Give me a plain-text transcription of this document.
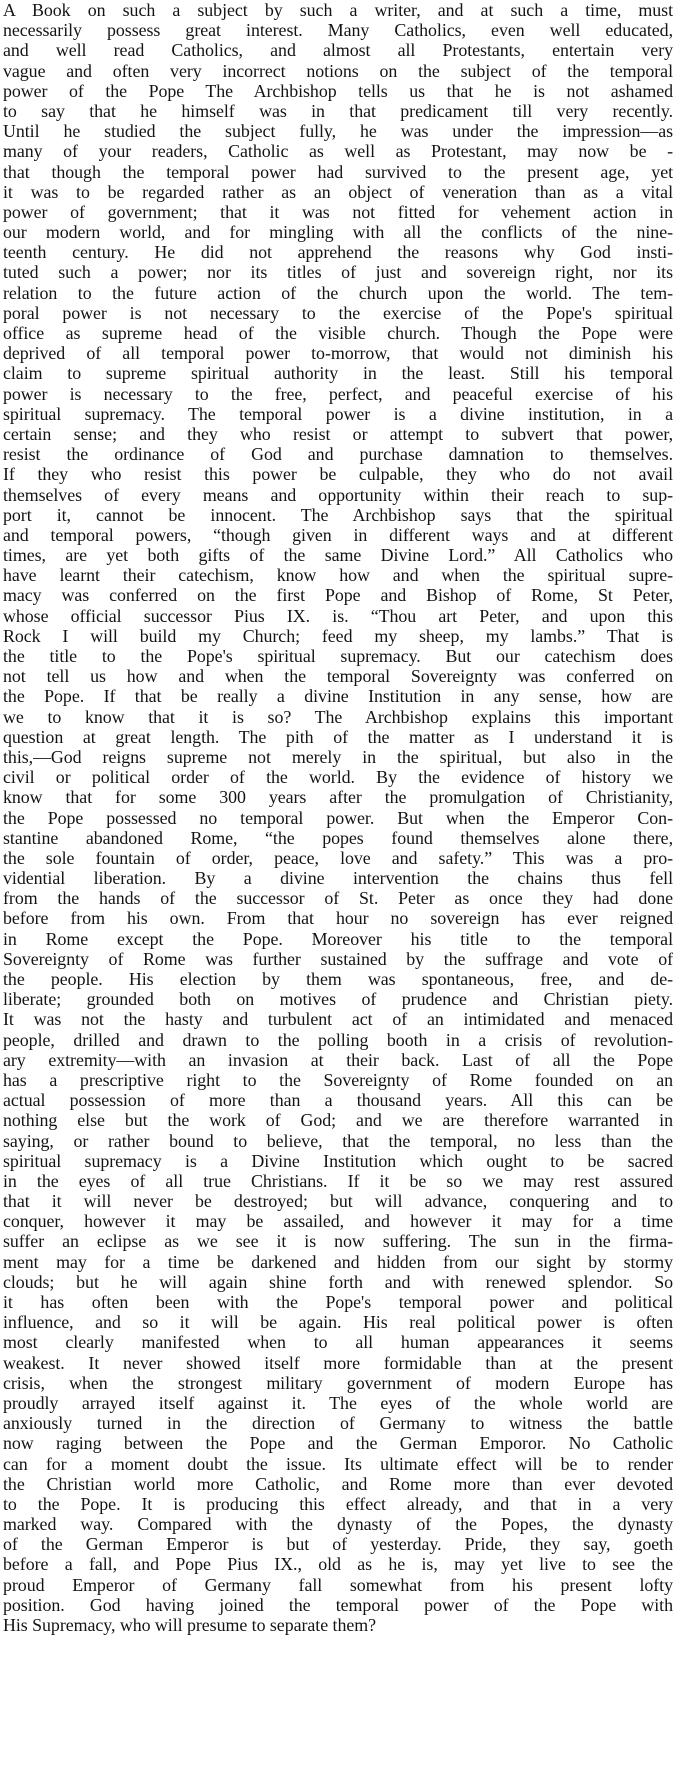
A Book on such a subject by such a writer, and at such a time, must
necessarily possess great interest. Many Catholics, even well educated,
and well read Catholics, and almost all Protestants, entertain very
vague and often very incorrect notions on the subject of the temporal
power of the Pope The Archbishop tells us that he is not ashamed
to say that he himself was in that predicament till very recently.
Until he studied the subject fully, he was under the impression—as
many of your readers, Catholic as well as Protestant, may now be -
that though the temporal power had survived to the present age, yet
it was to be regarded rather as an object of veneration than as a vital
power of government; that it was not fitted for vehement action in
our modern world, and for mingling with all the conflicts of the nine-
teenth century. He did not apprehend the reasons why God insti-
tuted such a power; nor its titles of just and sovereign right, nor its
relation to the future action of the church upon the world. The tem-
poral power is not necessary to the exercise of the Pope's spiritual
office as supreme head of the visible church. Though the Pope were
deprived of all temporal power to-morrow, that would not diminish his
claim to supreme spiritual authority in the least. Still his temporal
power is necessary to the free, perfect, and peaceful exercise of his
spiritual supremacy. The temporal power is a divine institution, in a
certain sense; and they who resist or attempt to subvert that power,
resist the ordinance of God and purchase damnation to themselves.
If they who resist this power be culpable, they who do not avail
themselves of every means and opportunity within their reach to sup-
port it, cannot be innocent. The Archbishop says that the spiritual
and temporal powers, “though given in different ways and at different
times, are yet both gifts of the same Divine Lord.” All Catholics who
have learnt their catechism, know how and when the spiritual supre-
macy was conferred on the first Pope and Bishop of Rome, St Peter,
whose official successor Pius IX. is. “Thou art Peter, and upon this
Rock I will build my Church; feed my sheep, my lambs.” That is
the title to the Pope's spiritual supremacy. But our catechism does
not tell us how and when the temporal Sovereignty was conferred on
the Pope. If that be really a divine Institution in any sense, how are
we to know that it is so? The Archbishop explains this important
question at great length. The pith of the matter as I understand it is
this,—God reigns supreme not merely in the spiritual, but also in the
civil or political order of the world. By the evidence of history we
know that for some 300 years after the promulgation of Christianity,
the Pope possessed no temporal power. But when the Emperor Con-
stantine abandoned Rome, “the popes found themselves alone there,
the sole fountain of order, peace, love and safety.” This was a pro-
vidential liberation. By a divine intervention the chains thus fell
from the hands of the successor of St. Peter as once they had done
before from his own. From that hour no sovereign has ever reigned
in Rome except the Pope. Moreover his title to the temporal
Sovereignty of Rome was further sustained by the suffrage and vote of
the people. His election by them was spontaneous, free, and de-
liberate; grounded both on motives of prudence and Christian piety.
It was not the hasty and turbulent act of an intimidated and menaced
people, drilled and drawn to the polling booth in a crisis of revolution-
ary extremity—with an invasion at their back. Last of all the Pope
has a prescriptive right to the Sovereignty of Rome founded on an
actual possession of more than a thousand years. All this can be
nothing else but the work of God; and we are therefore warranted in
saying, or rather bound to believe, that the temporal, no less than the
spiritual supremacy is a Divine Institution which ought to be sacred
in the eyes of all true Christians. If it be so we may rest assured
that it will never be destroyed; but will advance, conquering and to
conquer, however it may be assailed, and however it may for a time
suffer an eclipse as we see it is now suffering. The sun in the firma-
ment may for a time be darkened and hidden from our sight by stormy
clouds; but he will again shine forth and with renewed splendor. So
it has often been with the Pope's temporal power and political
influence, and so it will be again. His real political power is often
most clearly manifested when to all human appearances it seems
weakest. It never showed itself more formidable than at the present
crisis, when the strongest military government of modern Europe has
proudly arrayed itself against it. The eyes of the whole world are
anxiously turned in the direction of Germany to witness the battle
now raging between the Pope and the German Emporor. No Catholic
can for a moment doubt the issue. Its ultimate effect will be to render
the Christian world more Catholic, and Rome more than ever devoted
to the Pope. It is producing this effect already, and that in a very
marked way. Compared with the dynasty of the Popes, the dynasty
of the German Emperor is but of yesterday. Pride, they say, goeth
before a fall, and Pope Pius IX., old as he is, may yet live to see the
proud Emperor of Germany fall somewhat from his present lofty
position. God having joined the temporal power of the Pope with
His Supremacy, who will presume to separate them?
